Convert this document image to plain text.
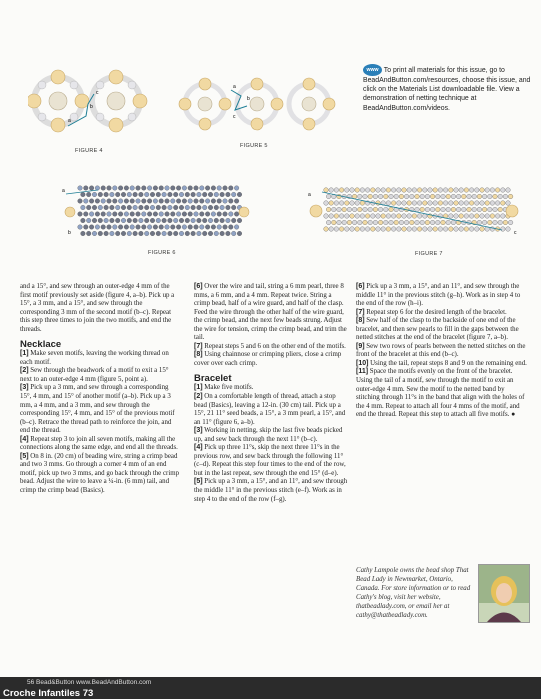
a
b
c
FIGURE 4
a
b
c
FIGURE 5
www To print all materials for this issue, go to BeadAndButton.com/resources, choose this issue, and click on the Materials List downloadable file. View a demonstration of netting technique at BeadAndButton.com/videos.
a
b
FIGURE 6
a
c
FIGURE 7

and a 15°, and sew through an outer-edge 4 mm of the first motif previously set aside (figure 4, a–b). Pick up a 15°, a 3 mm, and a 15°, and sew through the corresponding 3 mm of the second motif (b–c). Repeat this step three times to join the two motifs, and end the threads.

Necklace

[1] Make seven motifs, leaving the working thread on each motif.

[2] Sew through the beadwork of a motif to exit a 15° next to an outer-edge 4 mm (figure 5, point a).

[3] Pick up a 3 mm, and sew through a corresponding 15°, 4 mm, and 15° of another motif (a–b). Pick up a 3 mm, a 4 mm, and a 3 mm, and sew through the corresponding 15°, 4 mm, and 15° of the previous motif (b–c). Retrace the thread path to reinforce the join, and end the thread.

[4] Repeat step 3 to join all seven motifs, making all the connections along the same edge, and end all the threads.

[5] On 8 in. (20 cm) of beading wire, string a crimp bead and two 3 mms. Go through a corner 4 mm of an end motif, pick up two 3 mms, and go back through the crimp bead. Adjust the wire to leave a ¼-in. (6 mm) tail, and crimp the crimp bead (Basics).

[6] Over the wire and tail, string a 6 mm pearl, three 8 mms, a 6 mm, and a 4 mm. Repeat twice. String a crimp bead, half of a wire guard, and half of the clasp. Feed the wire through the other half of the wire guard, the crimp bead, and the next few beads strung. Adjust the wire for tension, crimp the crimp bead, and trim the tail.

[7] Repeat steps 5 and 6 on the other end of the motifs.

[8] Using chainnose or crimping pliers, close a crimp cover over each crimp.

Bracelet

[1] Make five motifs.

[2] On a comfortable length of thread, attach a stop bead (Basics), leaving a 12-in. (30 cm) tail. Pick up a 15°, 21 11° seed beads, a 15°, a 3 mm pearl, a 15°, and an 11° (figure 6, a–b).

[3] Working in netting, skip the last five beads picked up, and sew back through the next 11° (b–c).

[4] Pick up three 11°s, skip the next three 11°s in the previous row, and sew back through the following 11° (c–d). Repeat this step four times to the end of the row, but in the last repeat, sew through the end 15° (d–e).

[5] Pick up a 3 mm, a 15°, and an 11°, and sew through the middle 11° in the previous stitch (e–f). Work as in step 4 to the end of the row (f–g).

[6] Pick up a 3 mm, a 15°, and an 11°, and sew through the middle 11° in the previous stitch (g–h). Work as in step 4 to the end of the row (h–i).

[7] Repeat step 6 for the desired length of the bracelet.

[8] Sew half of the clasp to the backside of one end of the bracelet, and then sew pearls to fill in the gaps between the netted stitches at the end of the bracelet (figure 7, a–b).

[9] Sew two rows of pearls between the netted stitches on the front of the bracelet at this end (b–c).

[10] Using the tail, repeat steps 8 and 9 on the remaining end.

[11] Space the motifs evenly on the front of the bracelet. Using the tail of a motif, sew through the motif to exit an outer-edge 4 mm. Sew the motif to the netted band by stitching through 11°s in the band that align with the holes of the 4 mm. Repeat to attach all four 4 mms of the motif, and end the thread. Repeat this step to attach all five motifs. ●

Cathy Lampole owns the bead shop That Bead Lady in Newmarket, Ontario, Canada. For store information or to read Cathy's blog, visit her website, thatbeadlady.com, or email her at cathy@thatbeadlady.com.
56 Bead&Button www.BeadAndButton.com
Croche Infantiles 73
